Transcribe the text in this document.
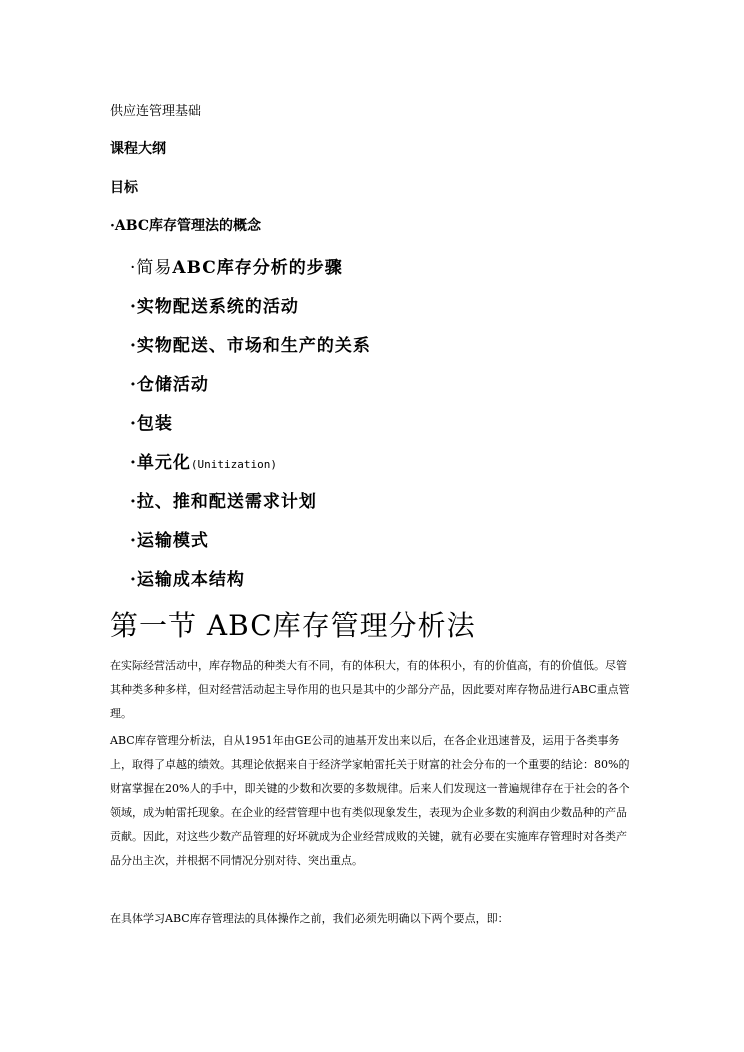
供应连管理基础
课程大纲
目标
·ABC库存管理法的概念
·简易ABC库存分析的步骤
·实物配送系统的活动
·实物配送、市场和生产的关系
·仓储活动
·包装
·单元化(Unitization)
·拉、推和配送需求计划
·运输模式
·运输成本结构
第一节 ABC库存管理分析法
在实际经营活动中，库存物品的种类大有不同，有的体积大，有的体积小，有的价值高，有的价值低。尽管其种类多种多样，但对经营活动起主导作用的也只是其中的少部分产品，因此要对库存物品进行ABC重点管理。
ABC库存管理分析法，自从1951年由GE公司的迪基开发出来以后，在各企业迅速普及，运用于各类事务上，取得了卓越的绩效。其理论依据来自于经济学家帕雷托关于财富的社会分布的一个重要的结论：80%的财富掌握在20%人的手中，即关键的少数和次要的多数规律。后来人们发现这一普遍规律存在于社会的各个领域，成为帕雷托现象。在企业的经营管理中也有类似现象发生，表现为企业多数的利润由少数品种的产品贡献。因此，对这些少数产品管理的好坏就成为企业经营成败的关键，就有必要在实施库存管理时对各类产品分出主次，并根据不同情况分别对待、突出重点。
在具体学习ABC库存管理法的具体操作之前，我们必须先明确以下两个要点，即：
